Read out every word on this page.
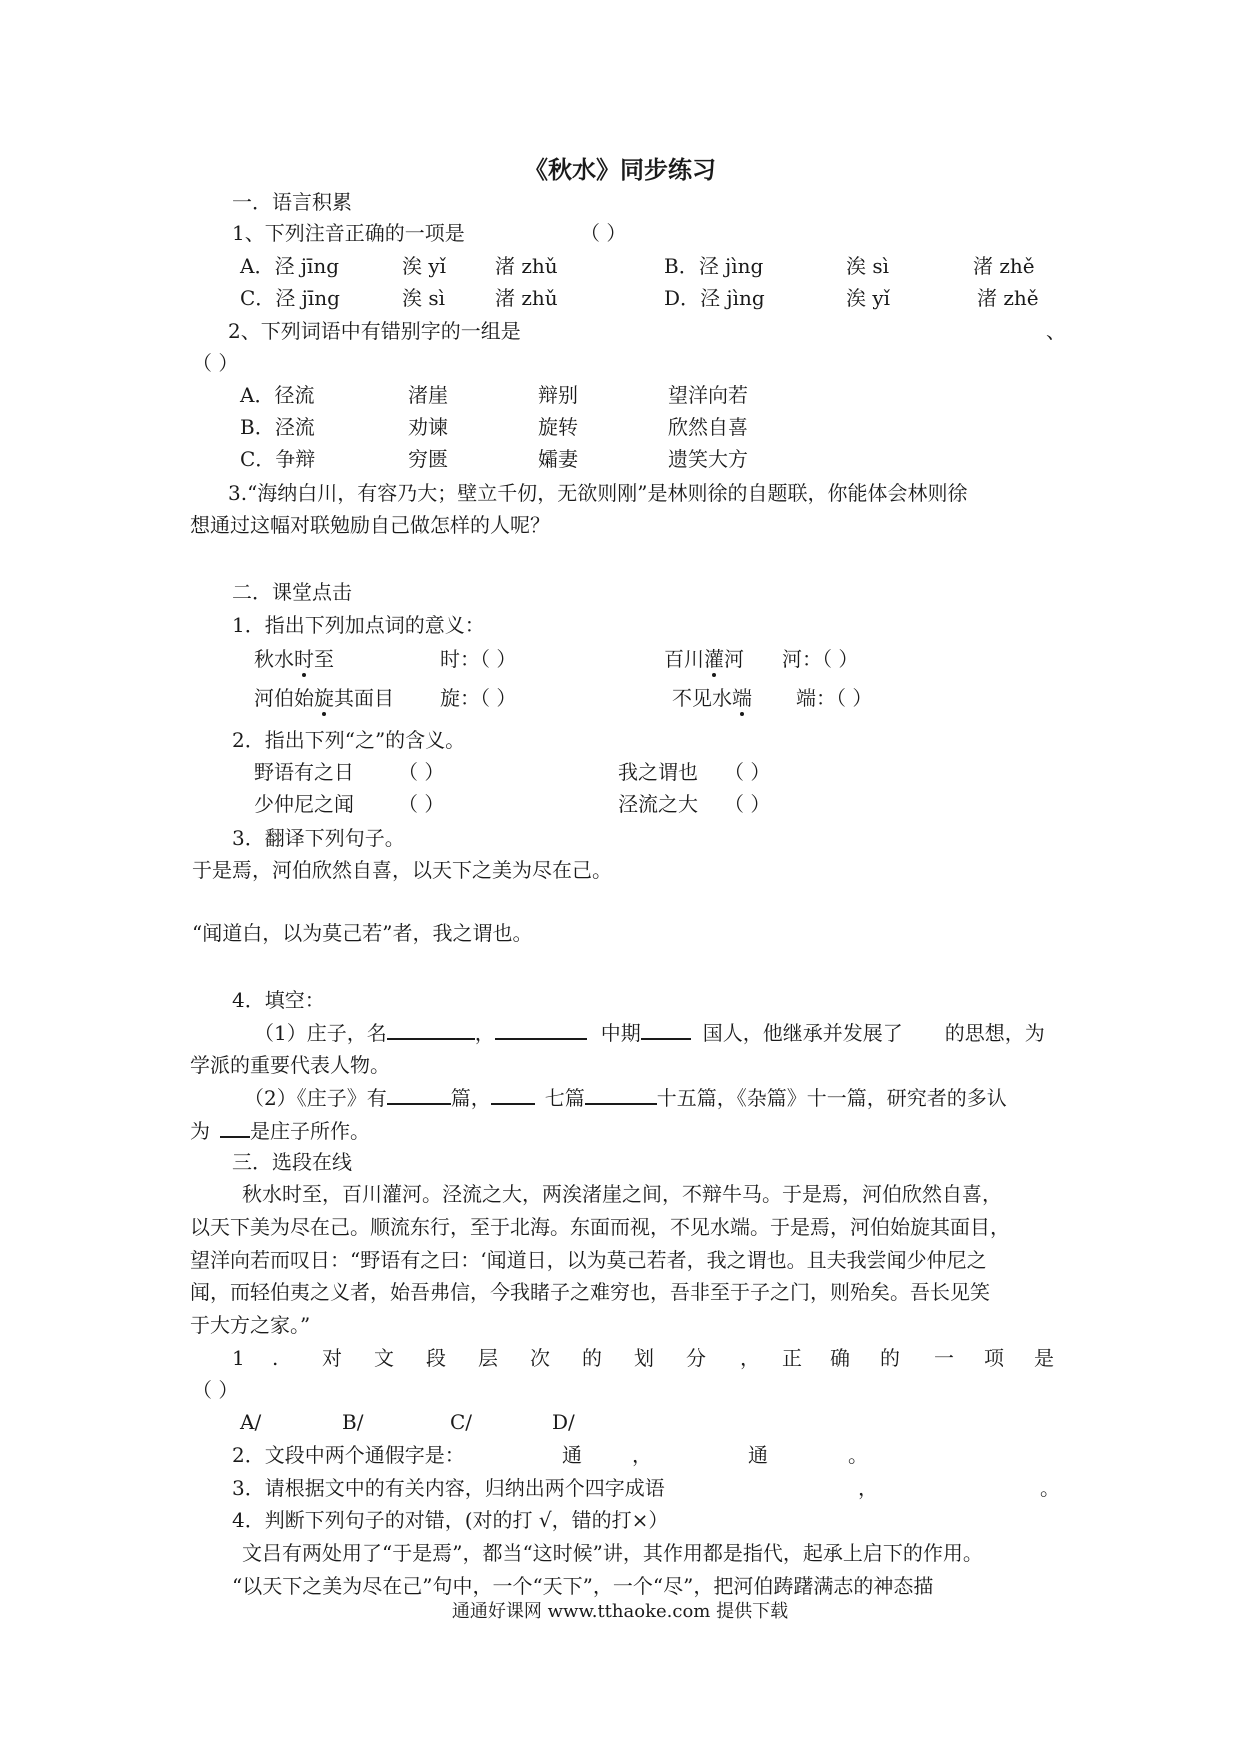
《秋水》同步练习
一．语言积累
1、下列注音正确的一项是	（ ）
A．泾 jīng	涘 yǐ 渚 zhǔ	B．泾 jìng	涘 sì	渚 zhě
C．泾 jīng	涘 sì 渚 zhǔ	D．泾 jìng	涘 yǐ	渚 zhě
2、下列词语中有错别字的一组是	、
（ ）
A．径流	渚崖	辩别	望洋向若
B．泾流	劝谏	旋转	欣然自喜
C．争辩	穷匮	孀妻	遗笑大方
3.“海纳白川，有容乃大；壁立千仞，无欲则刚”是林则徐的自题联，你能体会林则徐
想通过这幅对联勉励自己做怎样的人呢？
二．课堂点击
1．指出下列加点词的意义：
秋水时至	时：（ ）	百川灌河 河：（ ）
河伯始旋其面目 旋：（ ）	不见水端 端：（ ）
2．指出下列“之”的含义。
野语有之日 （ ）	我之谓也 （ ）
少仲尼之闻 （ ）	泾流之大 （ ）
3．翻译下列句子。
于是焉，河伯欣然自喜，以天下之美为尽在己。
“闻道白，以为莫己若”者，我之谓也。
4．填空：
（1）庄子，名	，	中期	国人，他继承并发展了 的思想，为
学派的重要代表人物。
（2）《庄子》有	篇，	七篇	十五篇，《杂篇》十一篇，研究者的多认
为 是庄子所作。
三．选段在线
秋水时至，百川灌河。泾流之大，两涘渚崖之间，不辩牛马。于是焉，河伯欣然自喜，
以天下美为尽在己。顺流东行，至于北海。东面而视，不见水端。于是焉，河伯始旋其面目，
望洋向若而叹日：“野语有之曰：‘闻道日，以为莫己若者，我之谓也。且夫我尝闻少仲尼之
闻，而轻伯夷之义者，始吾弗信，今我睹子之难穷也，吾非至于子之门，则殆矣。吾长见笑
于大方之家。”
1 . 对 文 段 层 次 的 划 分 ， 正 确 的 一 项 是
（ ）
A/	B/	C/	D/
2．文段中两个通假字是：	通	，	通	。
3．请根据文中的有关内容，归纳出两个四字成语	，	。
4．判断下列句子的对错，(对的打 √，错的打×）
文吕有两处用了“于是焉”，都当“这时候”讲，其作用都是指代，起承上启下的作用。
“以天下之美为尽在己”句中，一个“天下”，一个“尽”，把河伯踌躇满志的神态描
通通好课网 www.tthaoke.com 提供下载
